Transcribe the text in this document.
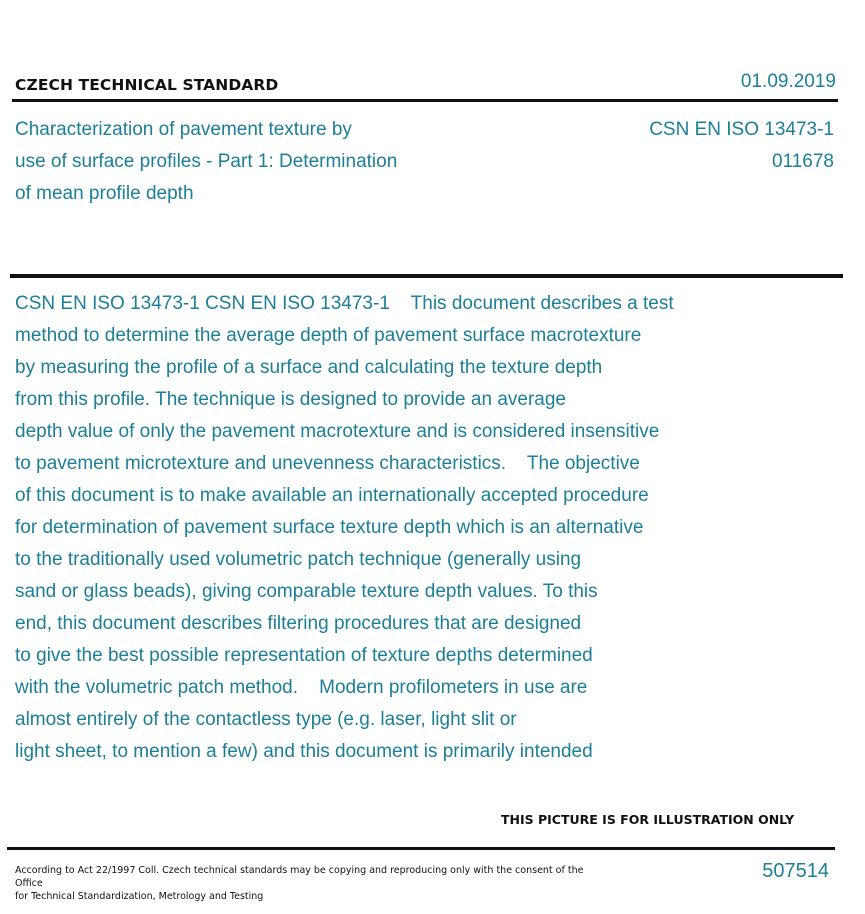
CZECH TECHNICAL STANDARD	01.09.2019
Characterization of pavement texture by
use of surface profiles - Part 1: Determination
of mean profile depth
CSN EN ISO 13473-1
011678
CSN EN ISO 13473-1 CSN EN ISO 13473-1    This document describes a test
method to determine the average depth of pavement surface macrotexture
by measuring the profile of a surface and calculating the texture depth
from this profile. The technique is designed to provide an average
depth value of only the pavement macrotexture and is considered insensitive
to pavement microtexture and unevenness characteristics.    The objective
of this document is to make available an internationally accepted procedure
for determination of pavement surface texture depth which is an alternative
to the traditionally used volumetric patch technique (generally using
sand or glass beads), giving comparable texture depth values. To this
end, this document describes filtering procedures that are designed
to give the best possible representation of texture depths determined
with the volumetric patch method.    Modern profilometers in use are
almost entirely of the contactless type (e.g. laser, light slit or
light sheet, to mention a few) and this document is primarily intended
THIS PICTURE IS FOR ILLUSTRATION ONLY
According to Act 22/1997 Coll. Czech technical standards may be copying and reproducing only with the consent of the Office
for Technical Standardization, Metrology and Testing
507514
